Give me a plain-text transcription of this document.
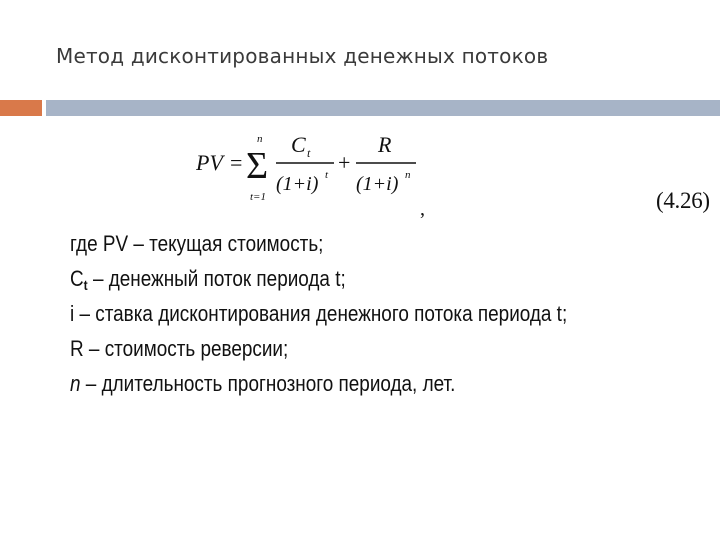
Метод дисконтированных денежных потоков
PV =
n
Σ
t=1
C t
(1+i) t +
R
(1+i) n
,	(4.26)
где PV – текущая стоимость;
$C_t$ – денежный поток периода t;
i – ставка дисконтирования денежного потока периода t;
R – стоимость реверсии;
n – длительность прогнозного периода, лет.
